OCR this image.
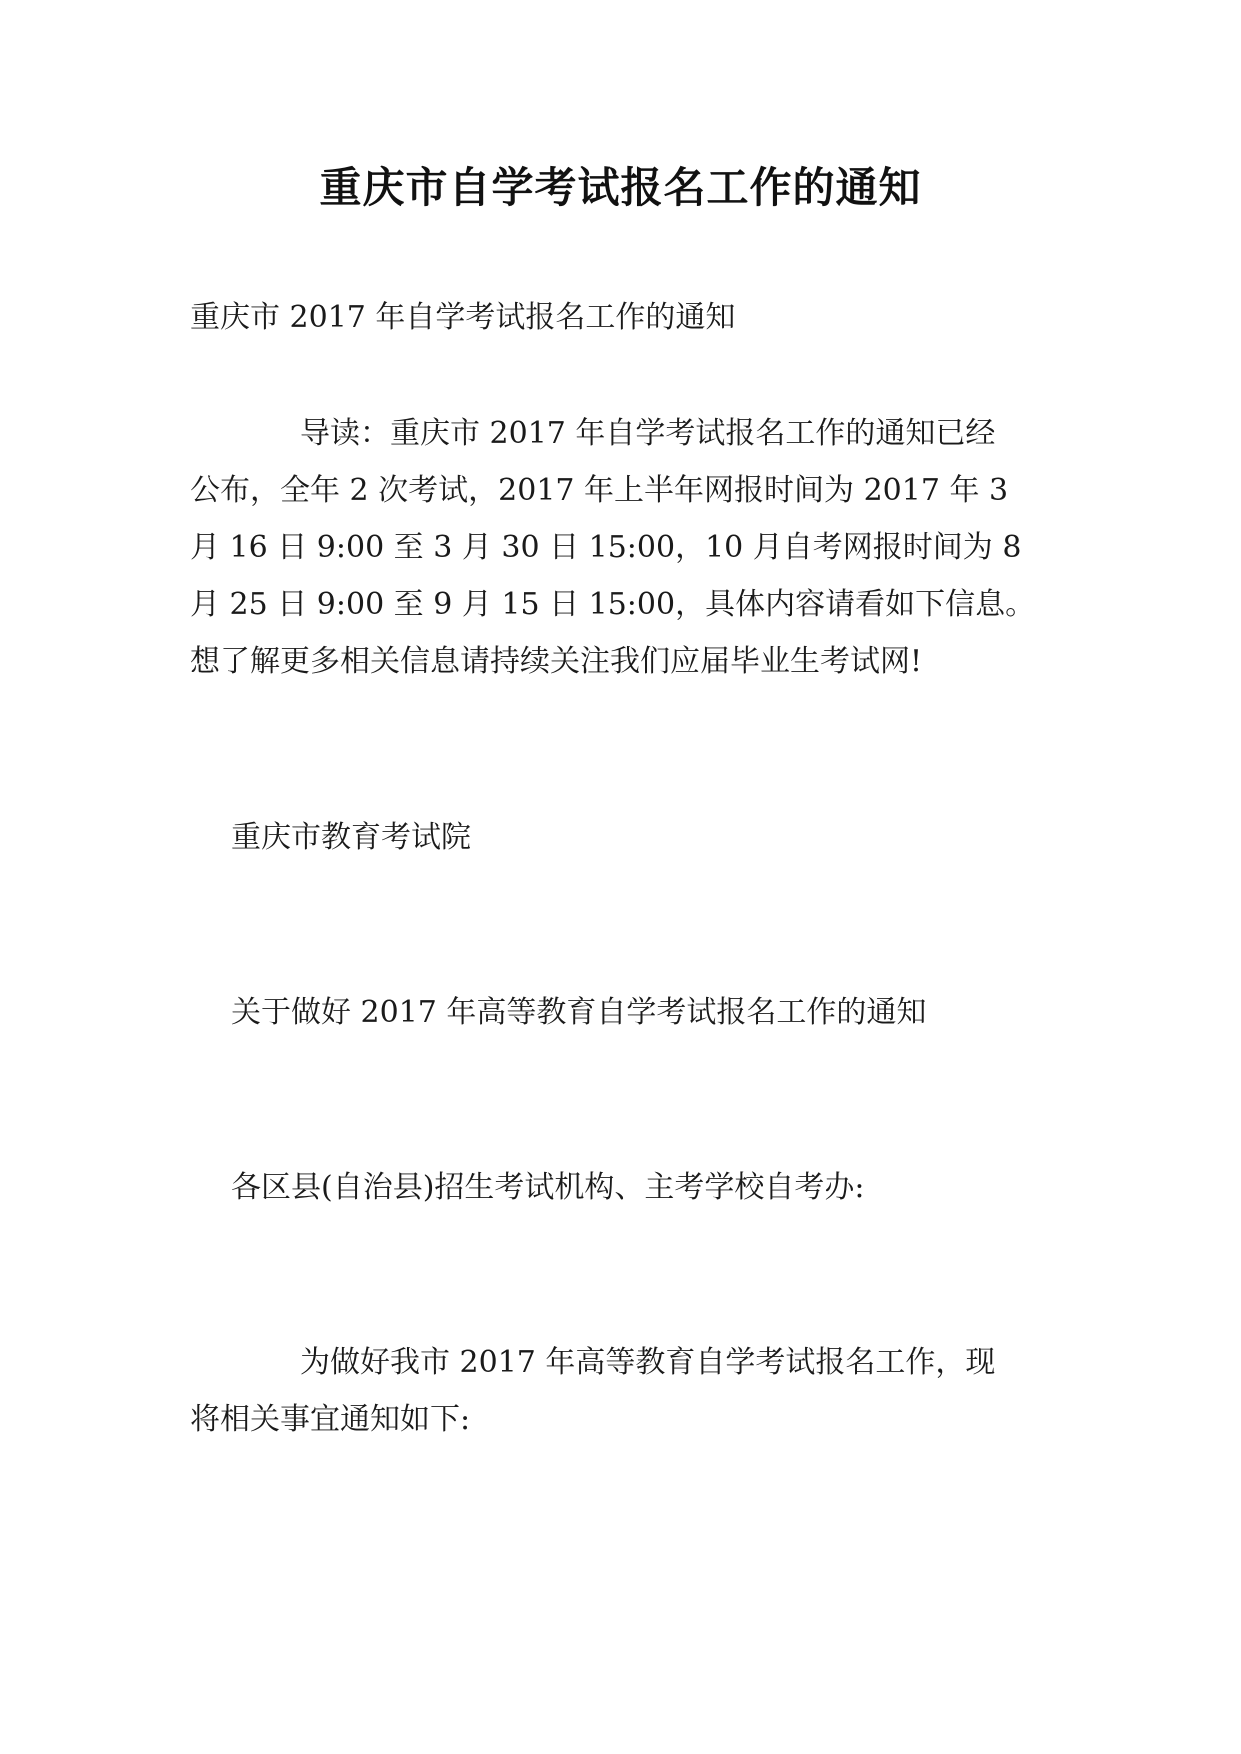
重庆市自学考试报名工作的通知

重庆市 2017 年自学考试报名工作的通知

导读：重庆市 2017 年自学考试报名工作的通知已经
公布，全年 2 次考试，2017 年上半年网报时间为 2017 年 3
月 16 日 9:00 至 3 月 30 日 15:00，10 月自考网报时间为 8
月 25 日 9:00 至 9 月 15 日 15:00，具体内容请看如下信息。
想了解更多相关信息请持续关注我们应届毕业生考试网!

重庆市教育考试院

关于做好 2017 年高等教育自学考试报名工作的通知

各区县(自治县)招生考试机构、主考学校自考办:

为做好我市 2017 年高等教育自学考试报名工作，现
将相关事宜通知如下:
